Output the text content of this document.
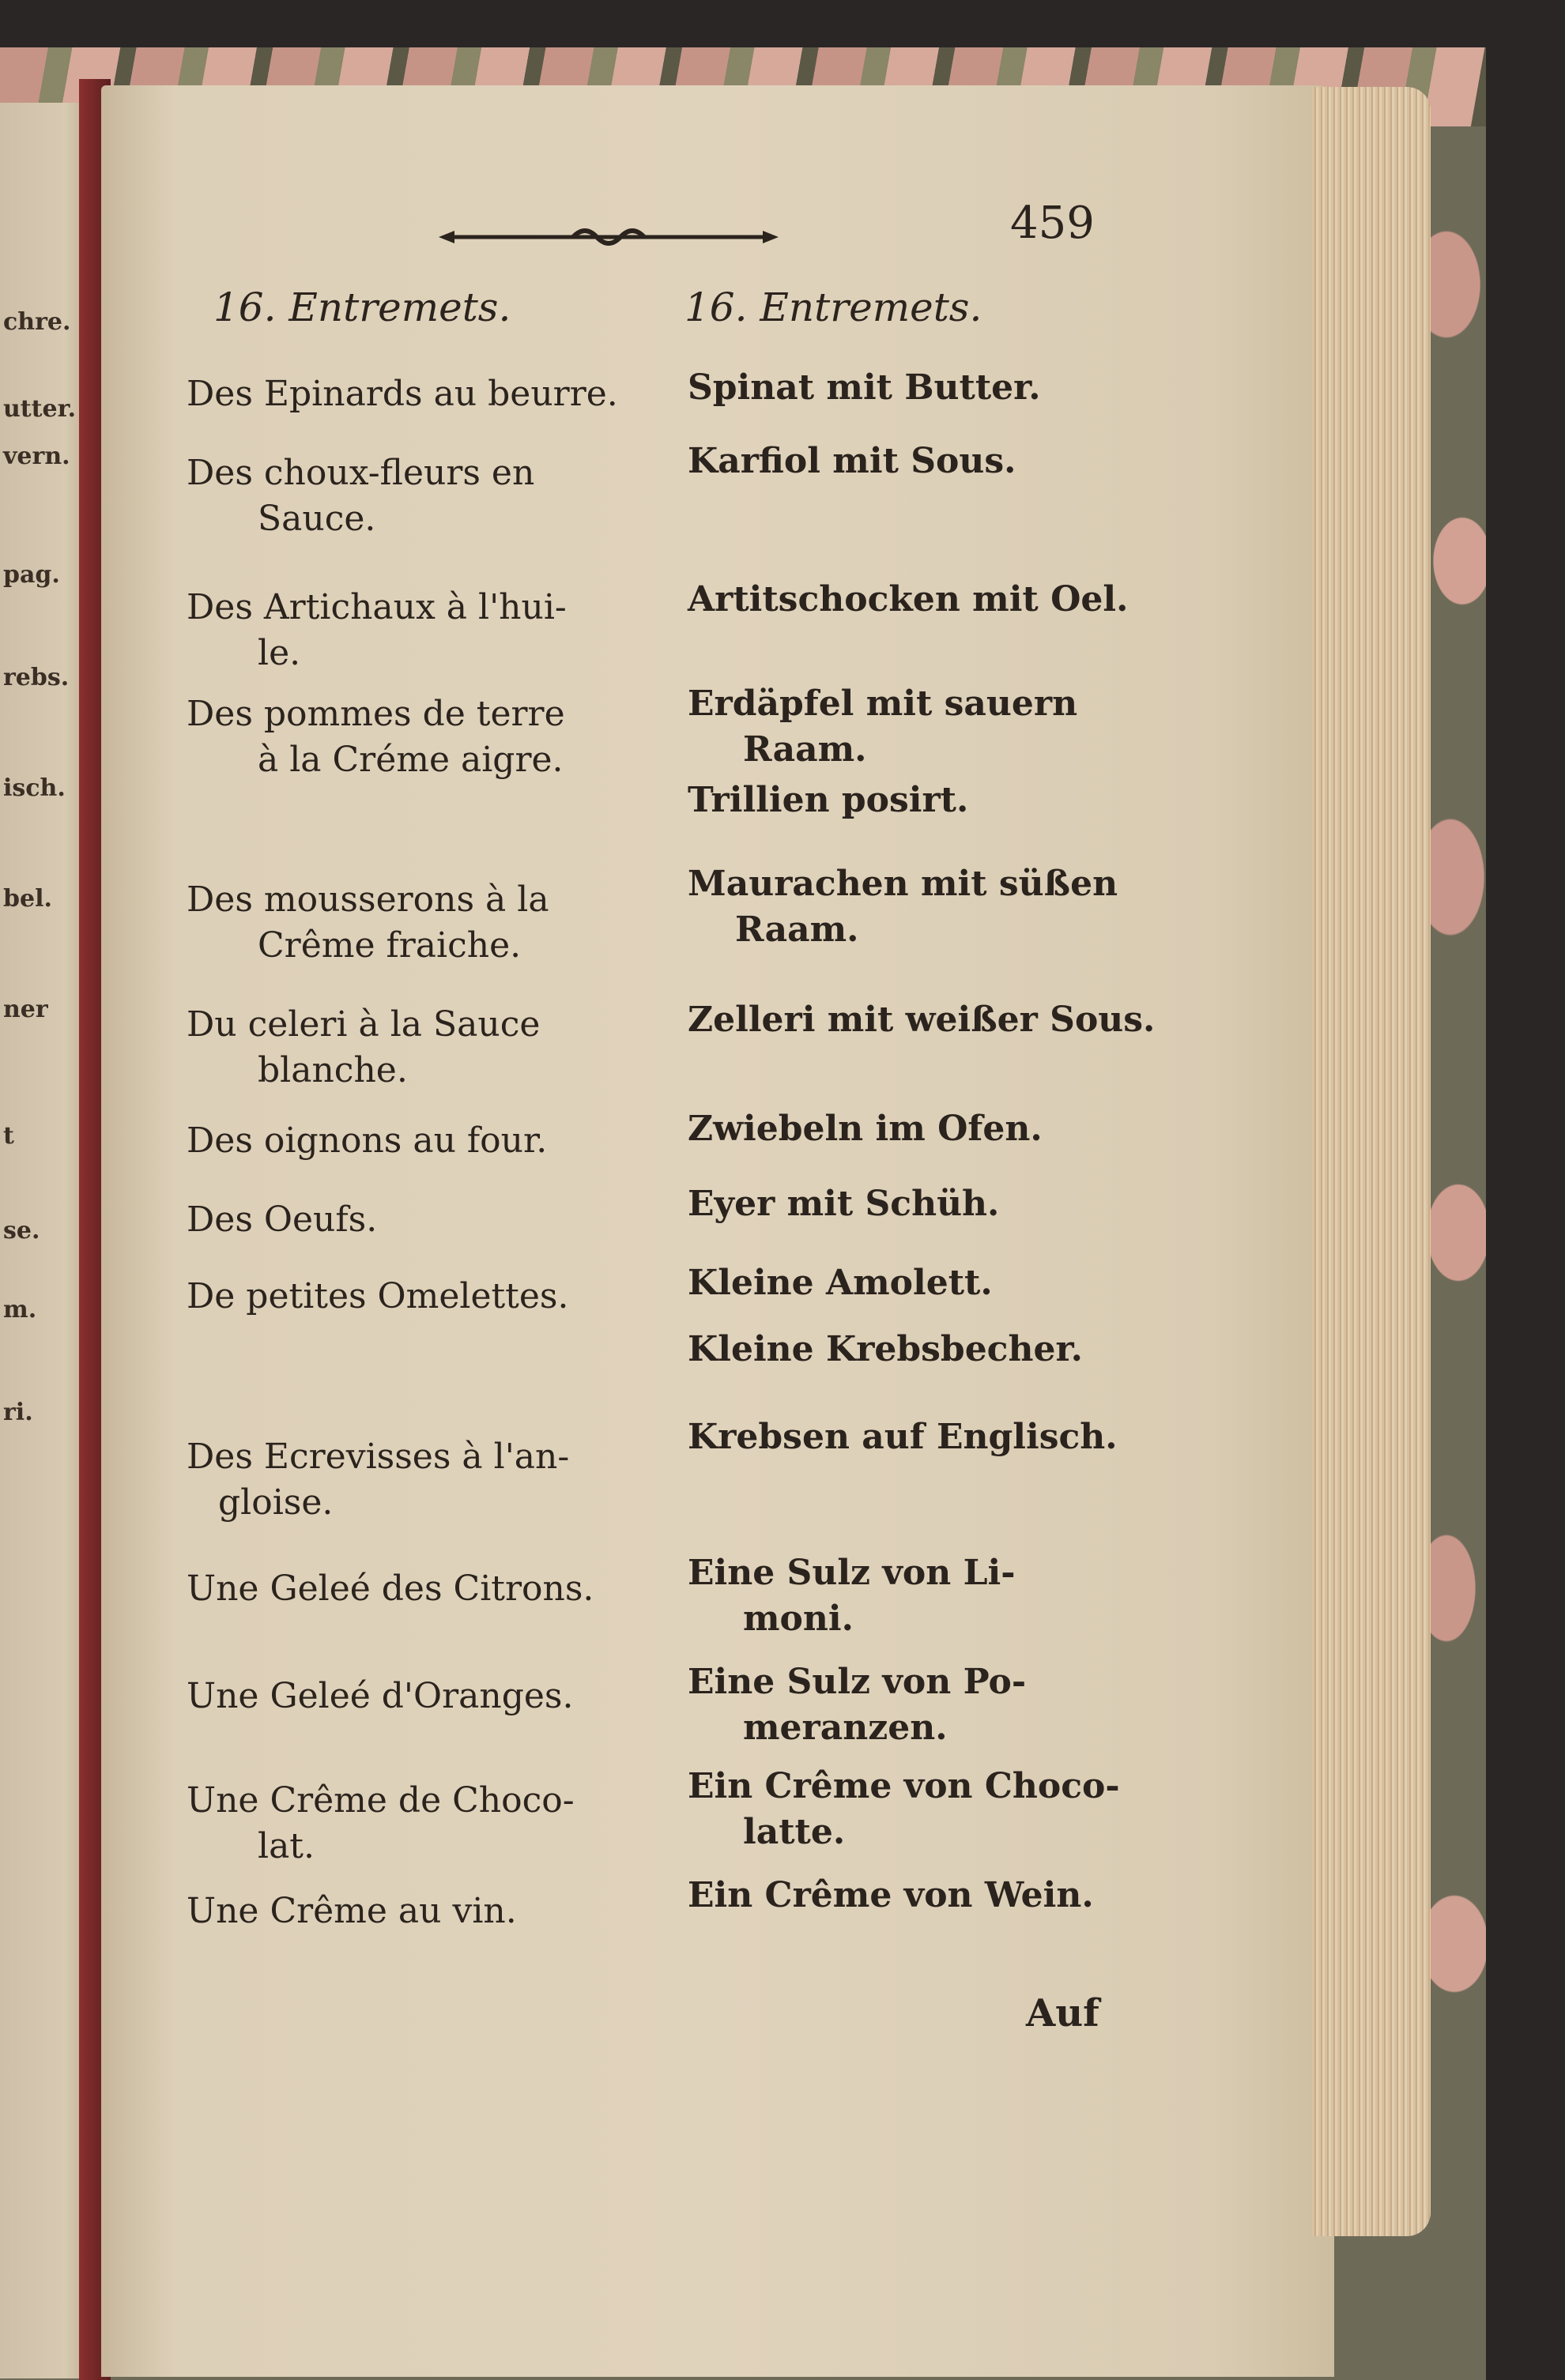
chre.
utter.
vern.
pag.
rebs.
isch.
bel.
ner
t
se.
m.
ri.
459
16. Entremets.	16. Entremets.
Des Epinards au beurre.
Des choux-fleurs en
Sauce.
Des Artichaux à l'hui-
le.
Des pommes de terre
à la Créme aigre.
Des mousserons à la
Crême fraiche.
Du celeri à la Sauce
blanche.
Des oignons au four.
Des Oeufs.
De petites Omelettes.
Des Ecrevisses à l'an-
gloise.
Une Geleé des Citrons.
Une Geleé d'Oranges.
Une Crême de Choco-
lat.
Une Crême au vin.
Spinat mit Butter.
Karfiol mit Sous.
Artitschocken mit Oel.
Erdäpfel mit sauern
Raam.
Trillien posirt.
Maurachen mit süßen
Raam.
Zelleri mit weißer Sous.
Zwiebeln im Ofen.
Eyer mit Schüh.
Kleine Amolett.
Kleine Krebsbecher.
Krebsen auf Englisch.
Eine Sulz von Li-
moni.
Eine Sulz von Po-
meranzen.
Ein Crême von Choco-
latte.
Ein Crême von Wein.
Auf
